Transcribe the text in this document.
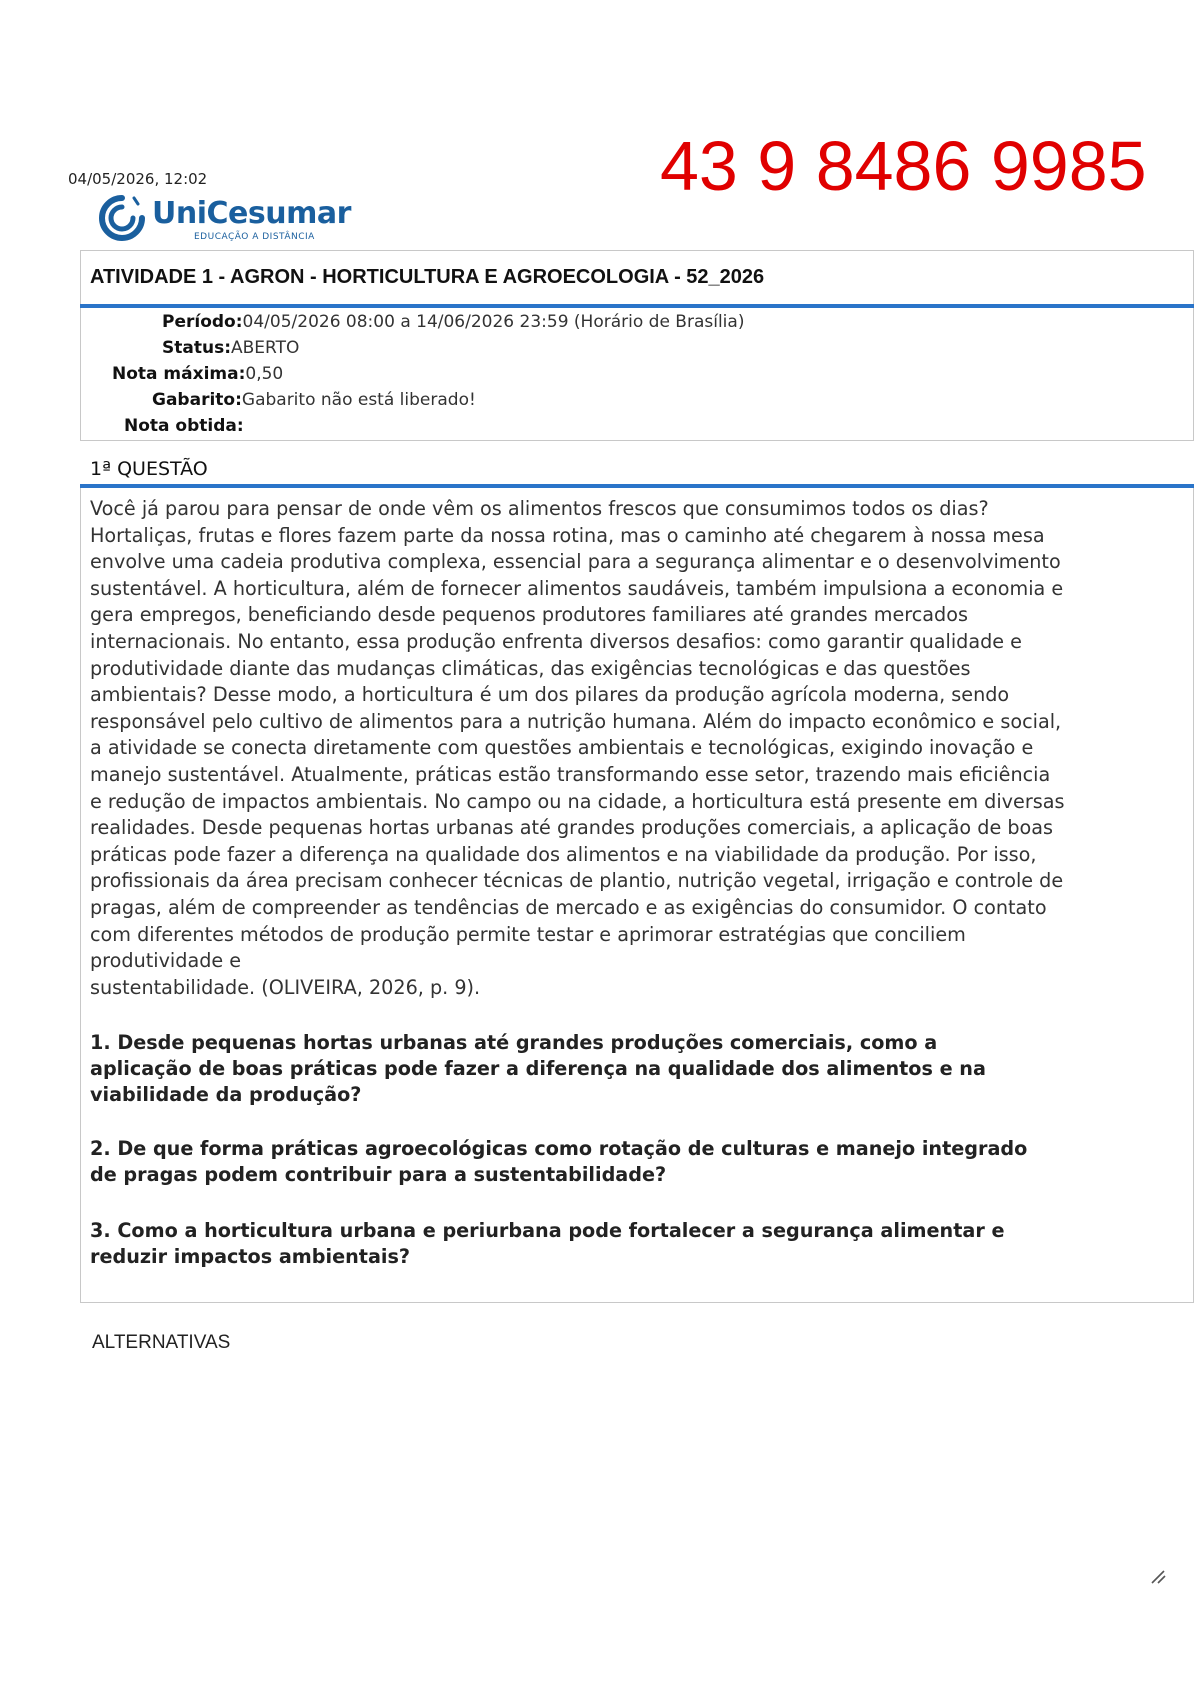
04/05/2026, 12:02	43 9 8486 9985
UniCesumar
EDUCAÇÃO A DISTÂNCIA
ATIVIDADE 1 - AGRON - HORTICULTURA E AGROECOLOGIA - 52_2026
Período:04/05/2026 08:00 a 14/06/2026 23:59 (Horário de Brasília)
Status:ABERTO
Nota máxima:0,50
Gabarito:Gabarito não está liberado!
Nota obtida:
1ª QUESTÃO
Você já parou para pensar de onde vêm os alimentos frescos que consumimos todos os dias?
Hortaliças, frutas e flores fazem parte da nossa rotina, mas o caminho até chegarem à nossa mesa
envolve uma cadeia produtiva complexa, essencial para a segurança alimentar e o desenvolvimento
sustentável. A horticultura, além de fornecer alimentos saudáveis, também impulsiona a economia e
gera empregos, beneficiando desde pequenos produtores familiares até grandes mercados
internacionais. No entanto, essa produção enfrenta diversos desafios: como garantir qualidade e
produtividade diante das mudanças climáticas, das exigências tecnológicas e das questões
ambientais? Desse modo, a horticultura é um dos pilares da produção agrícola moderna, sendo
responsável pelo cultivo de alimentos para a nutrição humana. Além do impacto econômico e social,
a atividade se conecta diretamente com questões ambientais e tecnológicas, exigindo inovação e
manejo sustentável. Atualmente, práticas estão transformando esse setor, trazendo mais eficiência
e redução de impactos ambientais. No campo ou na cidade, a horticultura está presente em diversas
realidades. Desde pequenas hortas urbanas até grandes produções comerciais, a aplicação de boas
práticas pode fazer a diferença na qualidade dos alimentos e na viabilidade da produção. Por isso,
profissionais da área precisam conhecer técnicas de plantio, nutrição vegetal, irrigação e controle de
pragas, além de compreender as tendências de mercado e as exigências do consumidor. O contato
com diferentes métodos de produção permite testar e aprimorar estratégias que conciliem
produtividade e
sustentabilidade. (OLIVEIRA, 2026, p. 9).
1. Desde pequenas hortas urbanas até grandes produções comerciais, como a
aplicação de boas práticas pode fazer a diferença na qualidade dos alimentos e na
viabilidade da produção?
2. De que forma práticas agroecológicas como rotação de culturas e manejo integrado
de pragas podem contribuir para a sustentabilidade?
3. Como a horticultura urbana e periurbana pode fortalecer a segurança alimentar e
reduzir impactos ambientais?
ALTERNATIVAS
